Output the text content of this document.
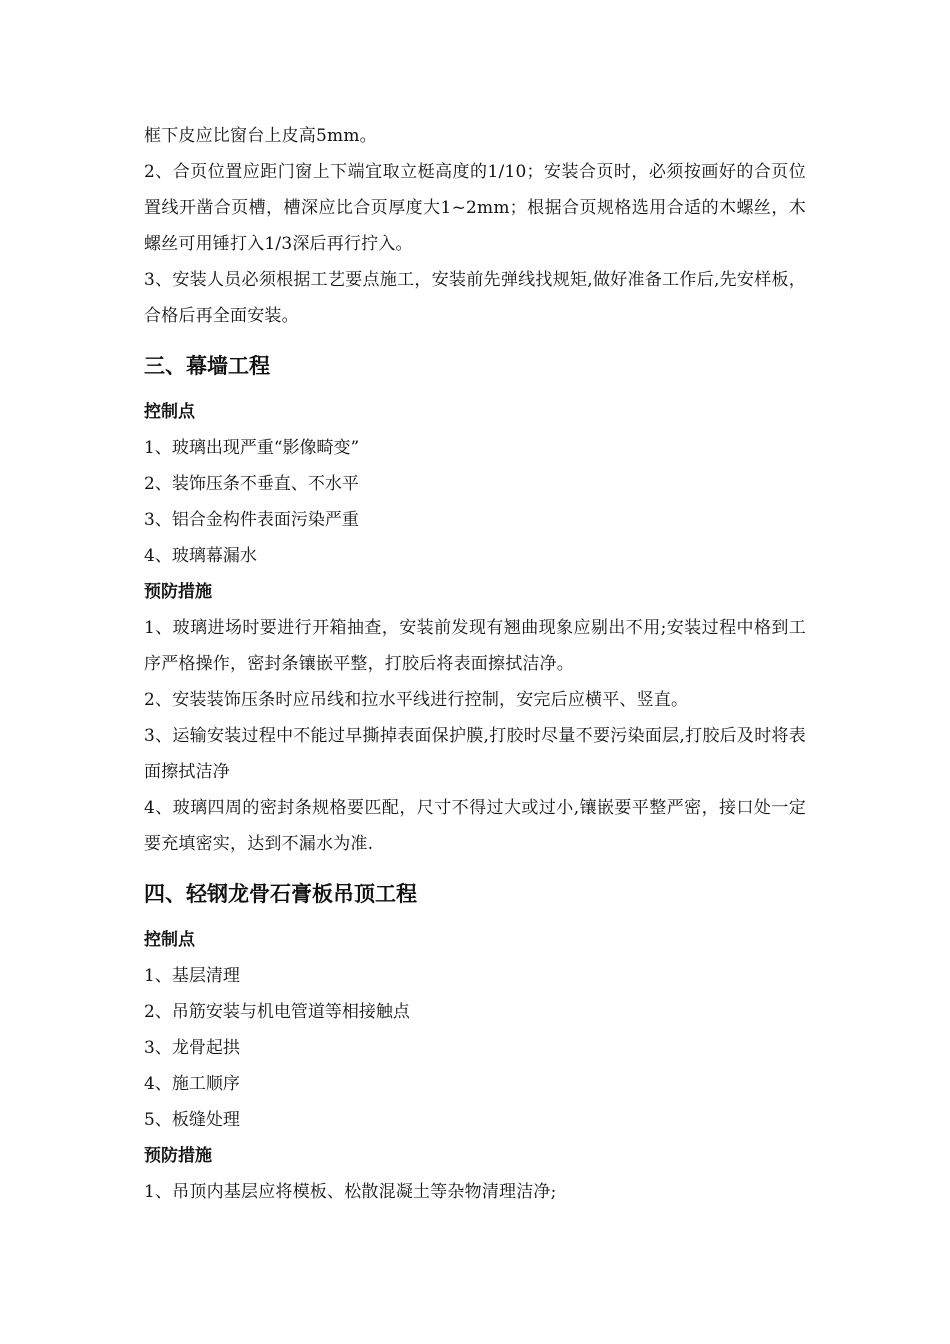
框下皮应比窗台上皮高5mm。

2、合页位置应距门窗上下端宜取立梃高度的1/10；安装合页时，必须按画好的合页位置线开凿合页槽，槽深应比合页厚度大1~2mm；根据合页规格选用合适的木螺丝，木螺丝可用锤打入1/3深后再行拧入。

3、安装人员必须根据工艺要点施工，安装前先弹线找规矩,做好准备工作后,先安样板，合格后再全面安装。

三、幕墙工程
控制点

1、玻璃出现严重“影像畸变”

2、装饰压条不垂直、不水平

3、铝合金构件表面污染严重

4、玻璃幕漏水

预防措施

1、玻璃进场时要进行开箱抽查，安装前发现有翘曲现象应剔出不用;安装过程中格到工序严格操作，密封条镶嵌平整，打胶后将表面擦拭洁净。

2、安装装饰压条时应吊线和拉水平线进行控制，安完后应横平、竖直。

3、运输安装过程中不能过早撕掉表面保护膜,打胶时尽量不要污染面层,打胶后及时将表面擦拭洁净

4、玻璃四周的密封条规格要匹配，尺寸不得过大或过小,镶嵌要平整严密，接口处一定要充填密实，达到不漏水为准.

四、轻钢龙骨石膏板吊顶工程
控制点

1、基层清理

2、吊筋安装与机电管道等相接触点

3、龙骨起拱

4、施工顺序

5、板缝处理

预防措施

1、吊顶内基层应将模板、松散混凝土等杂物清理洁净;
